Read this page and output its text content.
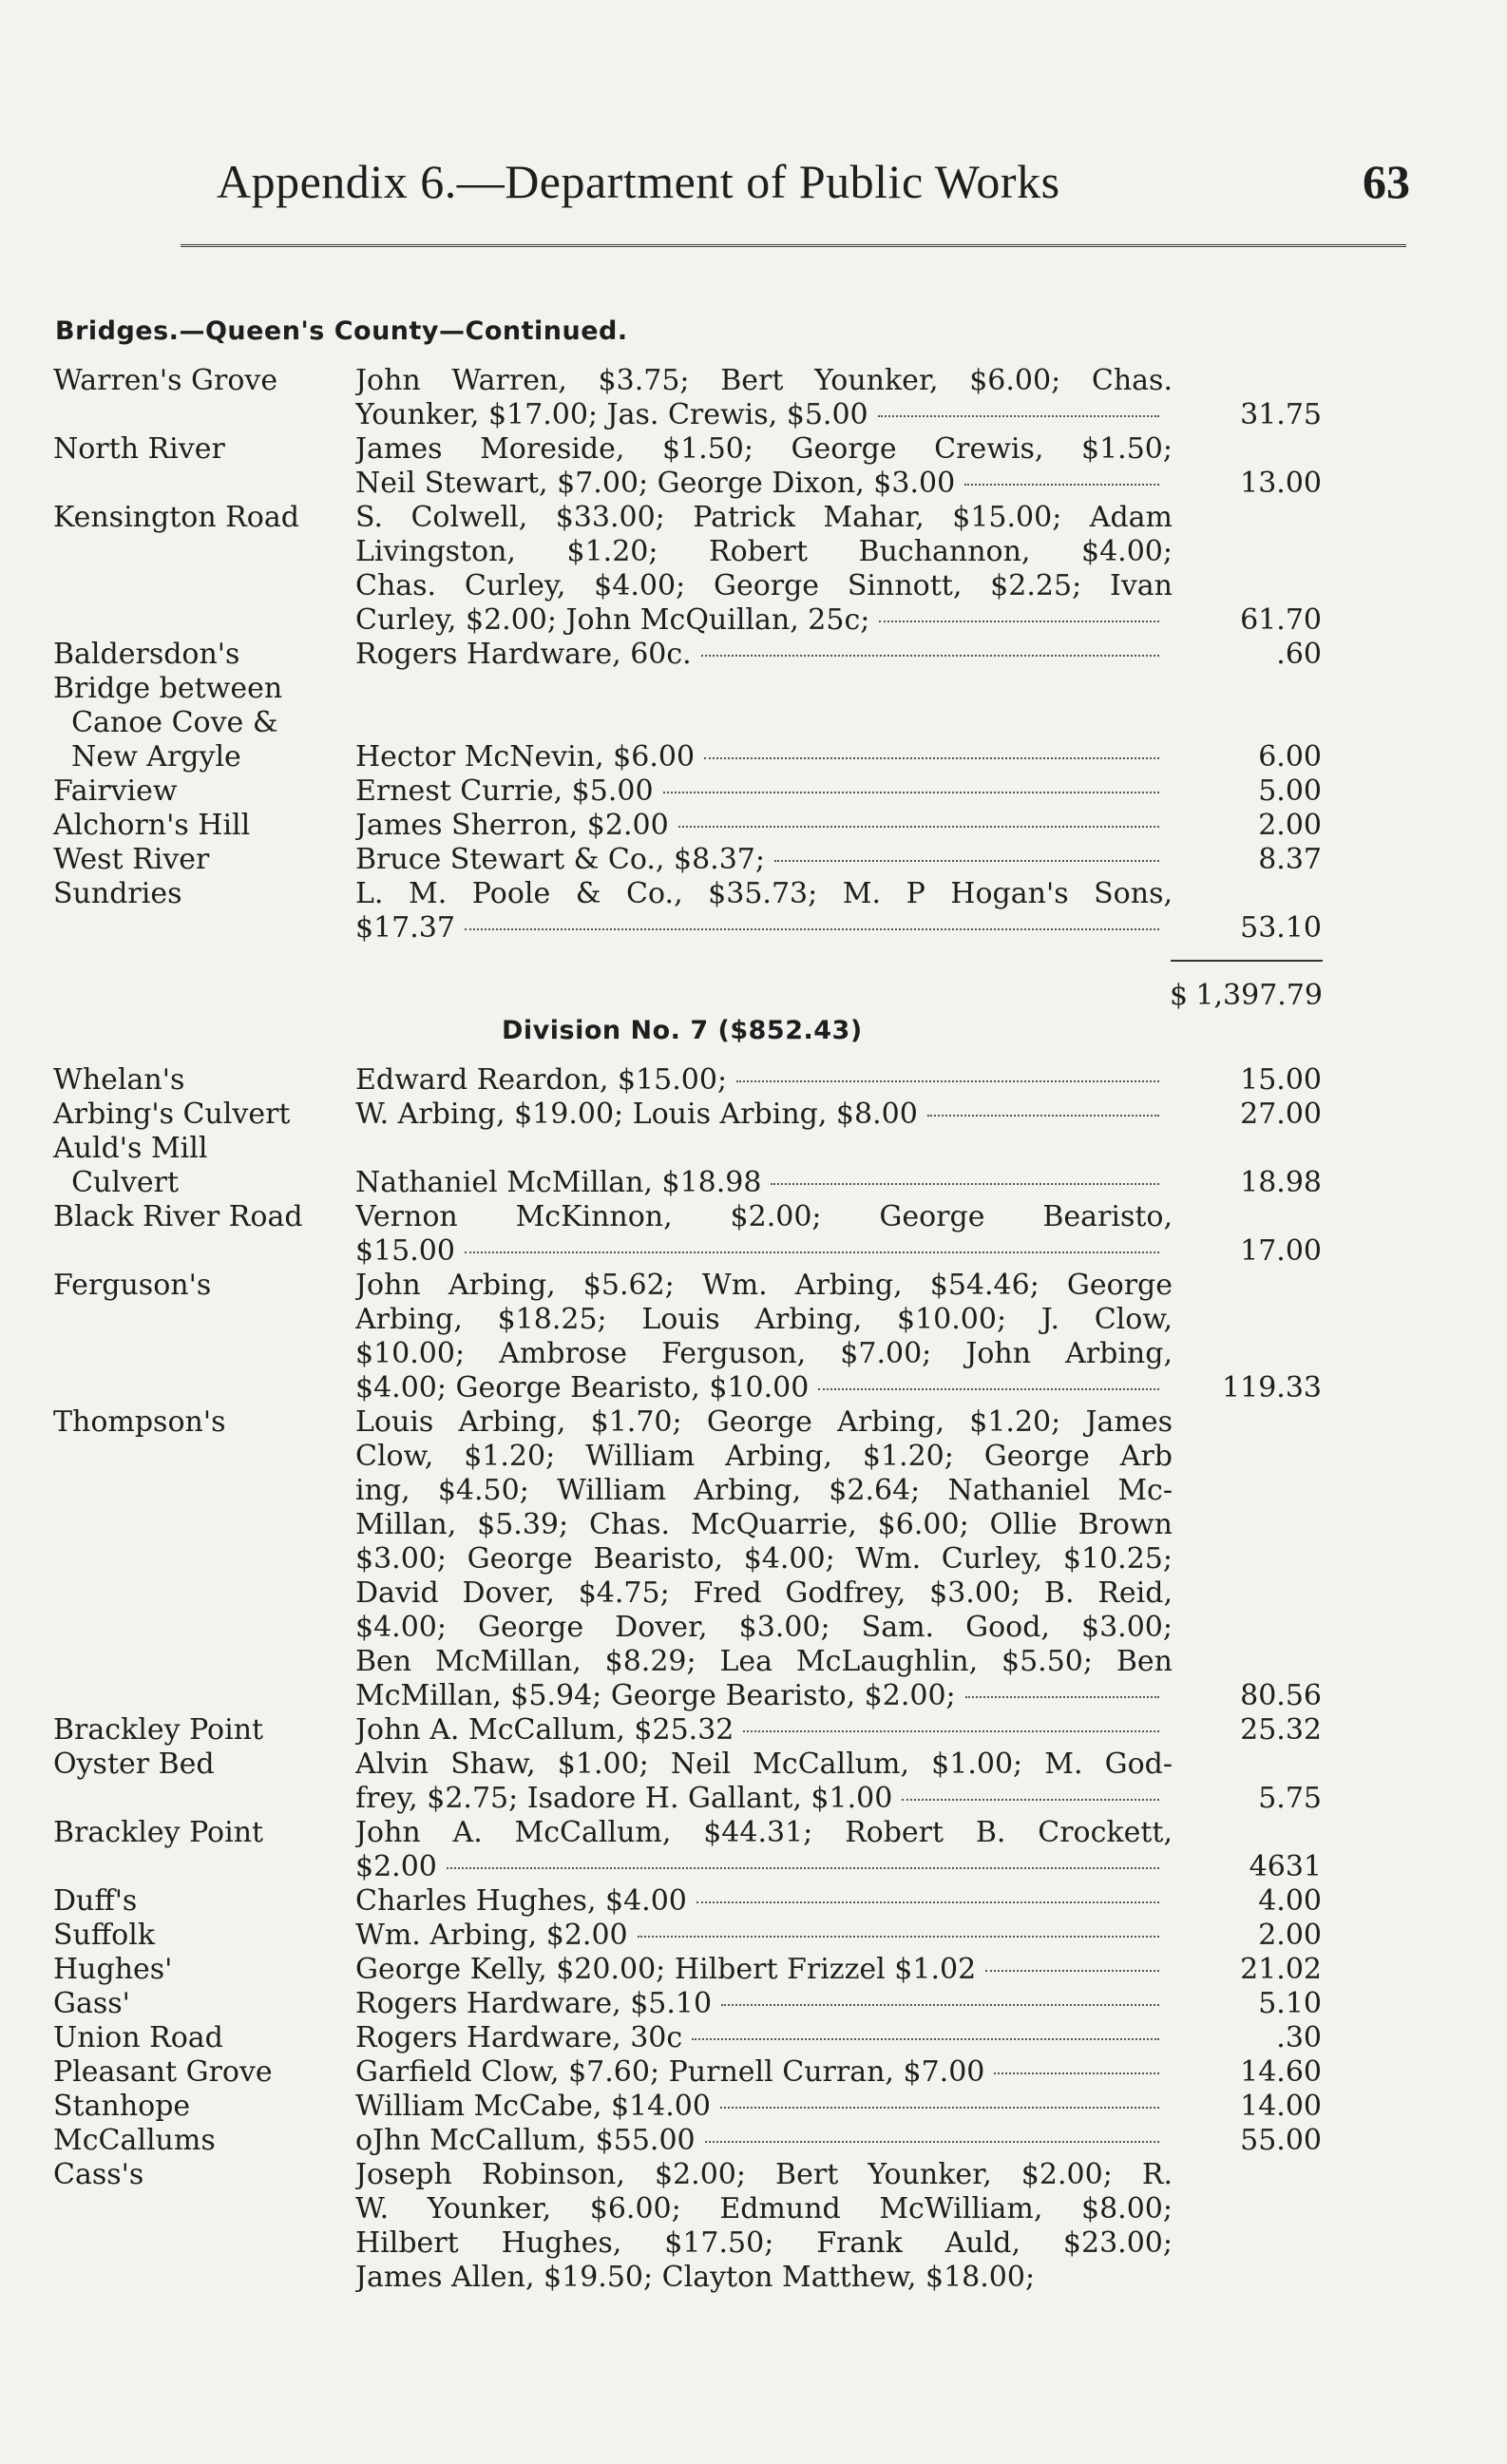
Appendix 6.—Department of Public Works	63
Bridges.—Queen's County—Continued.
Warren's Grove	John Warren, $3.75; Bert Younker, $6.00; Chas.
Younker, $17.00; Jas. Crewis, $5.00	31.75
North River	James Moreside, $1.50; George Crewis, $1.50;
Neil Stewart, $7.00; George Dixon, $3.00	13.00
Kensington Road	S. Colwell, $33.00; Patrick Mahar, $15.00; Adam
Livingston, $1.20; Robert Buchannon, $4.00;
Chas. Curley, $4.00; George Sinnott, $2.25; Ivan
Curley, $2.00; John McQuillan, 25c;	61.70
Baldersdon's	Rogers Hardware, 60c.	.60
Bridge between
Canoe Cove &
New Argyle	Hector McNevin, $6.00	6.00
Fairview	Ernest Currie, $5.00	5.00
Alchorn's Hill	James Sherron, $2.00	2.00
West River	Bruce Stewart & Co., $8.37;	8.37
Sundries	L. M. Poole & Co., $35.73; M. P Hogan's Sons,
$17.37	53.10
$ 1,397.79
Division No. 7 ($852.43)
Whelan's	Edward Reardon, $15.00;	15.00
Arbing's Culvert	W. Arbing, $19.00; Louis Arbing, $8.00	27.00
Auld's Mill
Culvert	Nathaniel McMillan, $18.98	18.98
Black River Road	Vernon McKinnon, $2.00; George Bearisto,
$15.00	17.00
Ferguson's	John Arbing, $5.62; Wm. Arbing, $54.46; George
Arbing, $18.25; Louis Arbing, $10.00; J. Clow,
$10.00; Ambrose Ferguson, $7.00; John Arbing,
$4.00; George Bearisto, $10.00	119.33
Thompson's	Louis Arbing, $1.70; George Arbing, $1.20; James
Clow, $1.20; William Arbing, $1.20; George Arb
ing, $4.50; William Arbing, $2.64; Nathaniel Mc-
Millan, $5.39; Chas. McQuarrie, $6.00; Ollie Brown
$3.00; George Bearisto, $4.00; Wm. Curley, $10.25;
David Dover, $4.75; Fred Godfrey, $3.00; B. Reid,
$4.00; George Dover, $3.00; Sam. Good, $3.00;
Ben McMillan, $8.29; Lea McLaughlin, $5.50; Ben
McMillan, $5.94; George Bearisto, $2.00;	80.56
Brackley Point	John A. McCallum, $25.32	25.32
Oyster Bed	Alvin Shaw, $1.00; Neil McCallum, $1.00; M. God-
frey, $2.75; Isadore H. Gallant, $1.00	5.75
Brackley Point	John A. McCallum, $44.31; Robert B. Crockett,
$2.00	4631
Duff's	Charles Hughes, $4.00	4.00
Suffolk	Wm. Arbing, $2.00	2.00
Hughes'	George Kelly, $20.00; Hilbert Frizzel $1.02	21.02
Gass'	Rogers Hardware, $5.10	5.10
Union Road	Rogers Hardware, 30c	.30
Pleasant Grove	Garfield Clow, $7.60; Purnell Curran, $7.00	14.60
Stanhope	William McCabe, $14.00	14.00
McCallums	oJhn McCallum, $55.00	55.00
Cass's	Joseph Robinson, $2.00; Bert Younker, $2.00; R.
W. Younker, $6.00; Edmund McWilliam, $8.00;
Hilbert Hughes, $17.50; Frank Auld, $23.00;
James Allen, $19.50; Clayton Matthew, $18.00;
